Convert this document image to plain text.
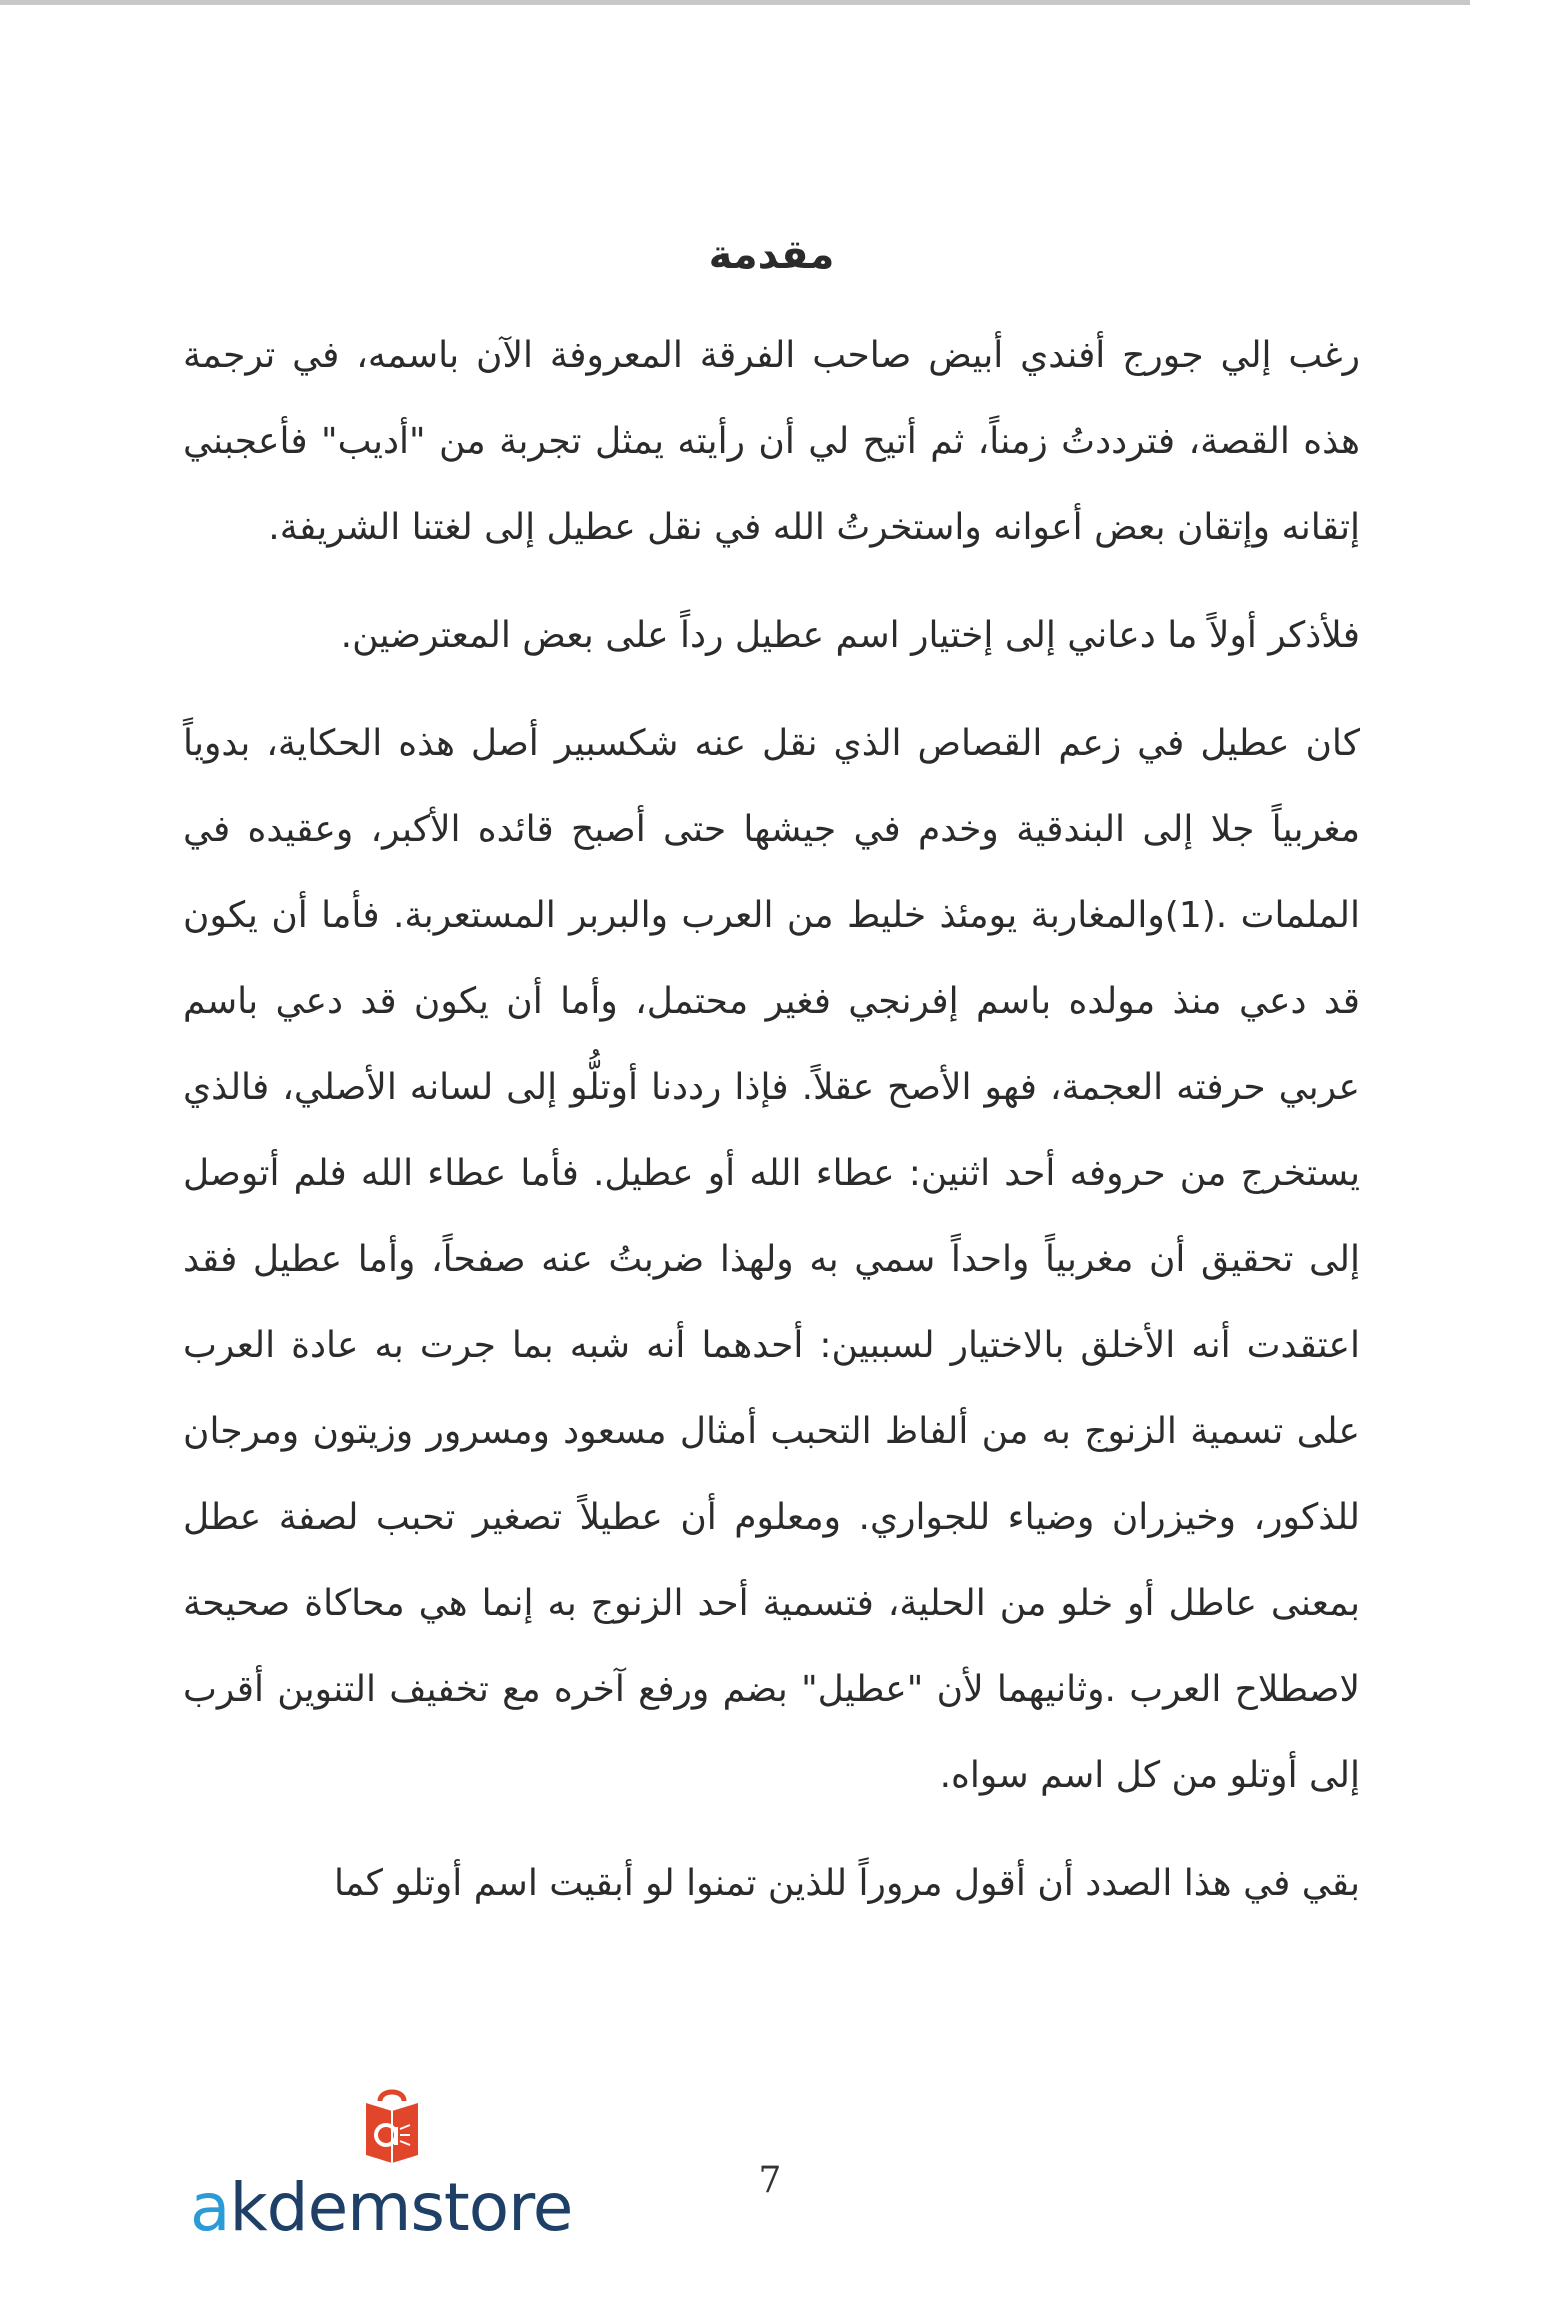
مقدمة

رغب إلي جورج أفندي أبيض صاحب الفرقة المعروفة الآن باسمه، في ترجمة هذه القصة، فترددتُ زمناً، ثم أتيح لي أن رأيته يمثل تجربة من "أديب" فأعجبني إتقانه وإتقان بعض أعوانه واستخرتُ الله في نقل عطيل إلى لغتنا الشريفة.

فلأذكر أولاً ما دعاني إلى إختيار اسم عطيل رداً على بعض المعترضين.

كان عطيل في زعم القصاص الذي نقل عنه شكسبير أصل هذه الحكاية، بدوياً مغربياً جلا إلى البندقية وخدم في جيشها حتى أصبح قائده الأكبر، وعقيده في الملمات .(1)والمغاربة يومئذ خليط من العرب والبربر المستعربة. فأما أن يكون قد دعي منذ مولده باسم إفرنجي فغير محتمل، وأما أن يكون قد دعي باسم عربي حرفته العجمة، فهو الأصح عقلاً. فإذا رددنا أوتلُّو إلى لسانه الأصلي، فالذي يستخرج من حروفه أحد اثنين: عطاء الله أو عطيل. فأما عطاء الله فلم أتوصل إلى تحقيق أن مغربياً واحداً سمي به ولهذا ضربتُ عنه صفحاً، وأما عطيل فقد اعتقدت أنه الأخلق بالاختيار لسببين: أحدهما أنه شبه بما جرت به عادة العرب على تسمية الزنوج به من ألفاظ التحبب أمثال مسعود ومسرور وزيتون ومرجان للذكور، وخيزران وضياء للجواري. ومعلوم أن عطيلاً تصغير تحبب لصفة عطل بمعنى عاطل أو خلو من الحلية، فتسمية أحد الزنوج به إنما هي محاكاة صحيحة لاصطلاح العرب .وثانيهما لأن "عطيل" بضم ورفع آخره مع تخفيف التنوين أقرب إلى أوتلو من كل اسم سواه.

بقي في هذا الصدد أن أقول مروراً للذين تمنوا لو أبقيت اسم أوتلو كما

akdemstore	7
